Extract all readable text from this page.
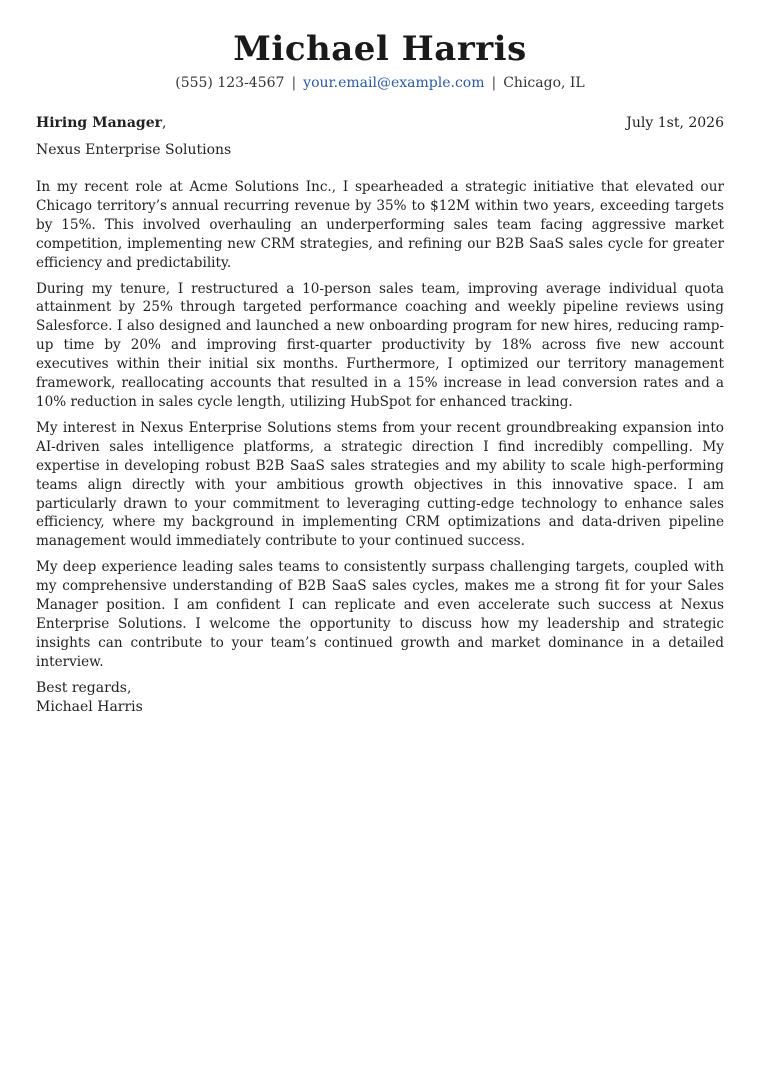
Michael Harris
(555) 123-4567 | your.email@example.com | Chicago, IL
Hiring Manager,	July 1st, 2026
Nexus Enterprise Solutions

In my recent role at Acme Solutions Inc., I spearheaded a strategic initiative that elevated our Chicago territory’s annual recurring revenue by 35% to $12M within two years, exceeding targets by 15%. This involved overhauling an underperforming sales team facing aggressive market competition, implementing new CRM strategies, and refining our B2B SaaS sales cycle for greater efficiency and predictability.

During my tenure, I restructured a 10-person sales team, improving average individual quota attainment by 25% through targeted performance coaching and weekly pipeline reviews using Salesforce. I also designed and launched a new onboarding program for new hires, reducing ramp-up time by 20% and improving first-quarter productivity by 18% across five new account executives within their initial six months. Furthermore, I optimized our territory management framework, reallocating accounts that resulted in a 15% increase in lead conversion rates and a 10% reduction in sales cycle length, utilizing HubSpot for enhanced tracking.

My interest in Nexus Enterprise Solutions stems from your recent groundbreaking expansion into AI-driven sales intelligence platforms, a strategic direction I find incredibly compelling. My expertise in developing robust B2B SaaS sales strategies and my ability to scale high-performing teams align directly with your ambitious growth objectives in this innovative space. I am particularly drawn to your commitment to leveraging cutting-edge technology to enhance sales efficiency, where my background in implementing CRM optimizations and data-driven pipeline management would immediately contribute to your continued success.

My deep experience leading sales teams to consistently surpass challenging targets, coupled with my comprehensive understanding of B2B SaaS sales cycles, makes me a strong fit for your Sales Manager position. I am confident I can replicate and even accelerate such success at Nexus Enterprise Solutions. I welcome the opportunity to discuss how my leadership and strategic insights can contribute to your team’s continued growth and market dominance in a detailed interview.

Best regards,
Michael Harris
